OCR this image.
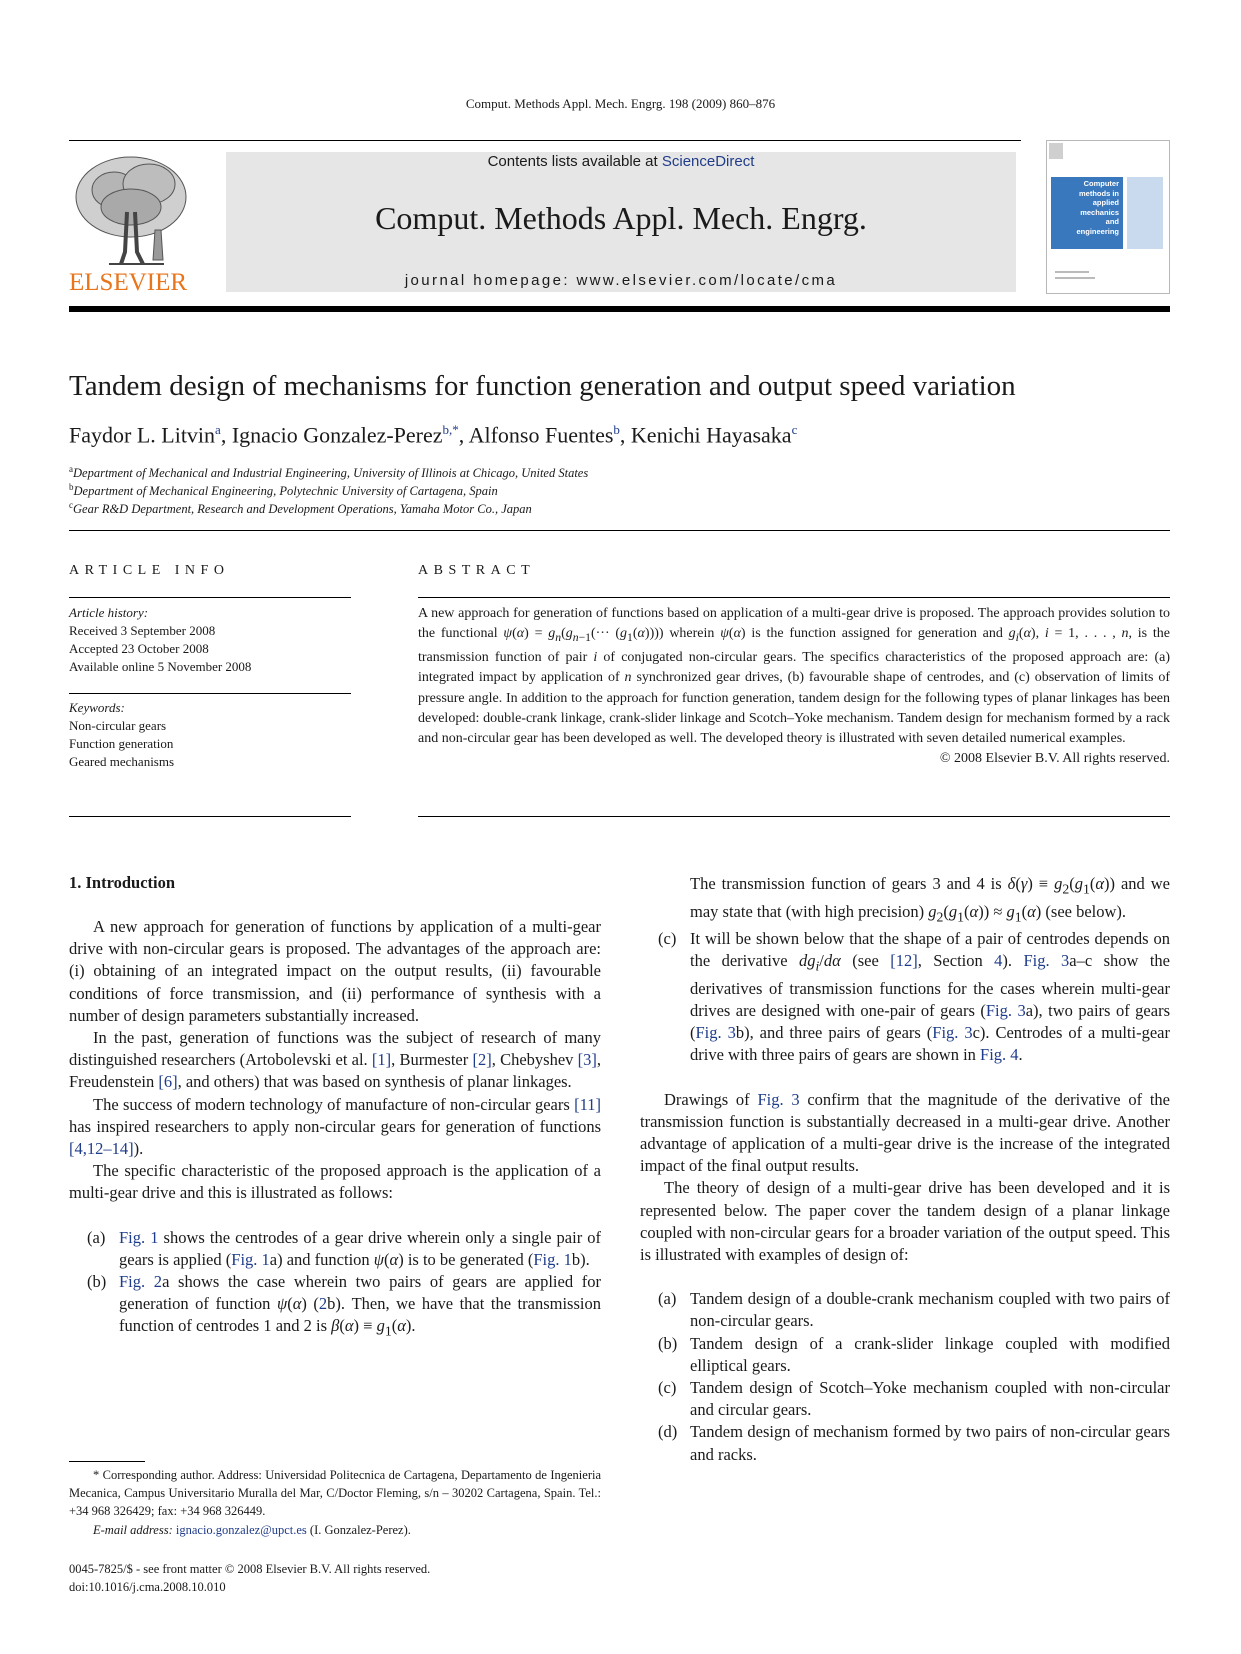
Comput. Methods Appl. Mech. Engrg. 198 (2009) 860–876
ELSEVIER
Contents lists available at ScienceDirect
Comput. Methods Appl. Mech. Engrg.
journal homepage: www.elsevier.com/locate/cma
Computer
methods in
applied
mechanics
and
engineering
Tandem design of mechanisms for function generation and output speed variation
Faydor L. Litvin$^a$, Ignacio Gonzalez-Perez$^{b,*}$, Alfonso Fuentes$^b$, Kenichi Hayasaka$^c$
$^a$Department of Mechanical and Industrial Engineering, University of Illinois at Chicago, United States
$^b$Department of Mechanical Engineering, Polytechnic University of Cartagena, Spain
$^c$Gear R&D Department, Research and Development Operations, Yamaha Motor Co., Japan
ARTICLE INFO
Article history:
Received 3 September 2008
Accepted 23 October 2008
Available online 5 November 2008
Keywords:
Non-circular gears
Function generation
Geared mechanisms
ABSTRACT
A new approach for generation of functions based on application of a multi-gear drive is proposed. The approach provides solution to the functional $\psi(\alpha) = g_n(g_{n-1}(\cdot\cdot\cdot (g_1(\alpha))))$ wherein ψ(α) is the function assigned for generation and $g_i(\alpha)$, i = 1, . . . , n, is the transmission function of pair i of conjugated non-circular gears. The specifics characteristics of the proposed approach are: (a) integrated impact by application of n synchronized gear drives, (b) favourable shape of centrodes, and (c) observation of limits of pressure angle. In addition to the approach for function generation, tandem design for the following types of planar linkages has been developed: double-crank linkage, crank-slider linkage and Scotch–Yoke mechanism. Tandem design for mechanism formed by a rack and non-circular gear has been developed as well. The developed theory is illustrated with seven detailed numerical examples.
© 2008 Elsevier B.V. All rights reserved.
1. Introduction

A new approach for generation of functions by application of a multi-gear drive with non-circular gears is proposed. The advantages of the approach are: (i) obtaining of an integrated impact on the output results, (ii) favourable conditions of force transmission, and (ii) performance of synthesis with a number of design parameters substantially increased.

In the past, generation of functions was the subject of research of many distinguished researchers (Artobolevski et al. [1], Burmester [2], Chebyshev [3], Freudenstein [6], and others) that was based on synthesis of planar linkages.

The success of modern technology of manufacture of non-circular gears [11] has inspired researchers to apply non-circular gears for generation of functions [4,12–14]).

The specific characteristic of the proposed approach is the application of a multi-gear drive and this is illustrated as follows:

(a) Fig. 1 shows the centrodes of a gear drive wherein only a single pair of gears is applied (Fig. 1a) and function ψ(α) is to be generated (Fig. 1b).
(b) Fig. 2a shows the case wherein two pairs of gears are applied for generation of function ψ(α) (2b). Then, we have that the transmission function of centrodes 1 and 2 is $\beta(\alpha) \equiv g_1(\alpha)$.
* Corresponding author. Address: Universidad Politecnica de Cartagena, Departamento de Ingenieria Mecanica, Campus Universitario Muralla del Mar, C/Doctor Fleming, s/n – 30202 Cartagena, Spain. Tel.: +34 968 326429; fax: +34 968 326449.
E-mail address: ignacio.gonzalez@upct.es (I. Gonzalez-Perez).
0045-7825/$ - see front matter © 2008 Elsevier B.V. All rights reserved.
doi:10.1016/j.cma.2008.10.010
The transmission function of gears 3 and 4 is $\delta(\gamma) \equiv g_2(g_1(\alpha))$ and we may state that (with high precision) $g_2(g_1(\alpha)) \approx g_1(\alpha)$ (see below).
(c) It will be shown below that the shape of a pair of centrodes depends on the derivative $dg_i/d\alpha$ (see [12], Section 4). Fig. 3a–c show the derivatives of transmission functions for the cases wherein multi-gear drives are designed with one-pair of gears (Fig. 3a), two pairs of gears (Fig. 3b), and three pairs of gears (Fig. 3c). Centrodes of a multi-gear drive with three pairs of gears are shown in Fig. 4.

Drawings of Fig. 3 confirm that the magnitude of the derivative of the transmission function is substantially decreased in a multi-gear drive. Another advantage of application of a multi-gear drive is the increase of the integrated impact of the final output results.

The theory of design of a multi-gear drive has been developed and it is represented below. The paper cover the tandem design of a planar linkage coupled with non-circular gears for a broader variation of the output speed. This is illustrated with examples of design of:

(a) Tandem design of a double-crank mechanism coupled with two pairs of non-circular gears.
(b) Tandem design of a crank-slider linkage coupled with modified elliptical gears.
(c) Tandem design of Scotch–Yoke mechanism coupled with non-circular and circular gears.
(d) Tandem design of mechanism formed by two pairs of non-circular gears and racks.
